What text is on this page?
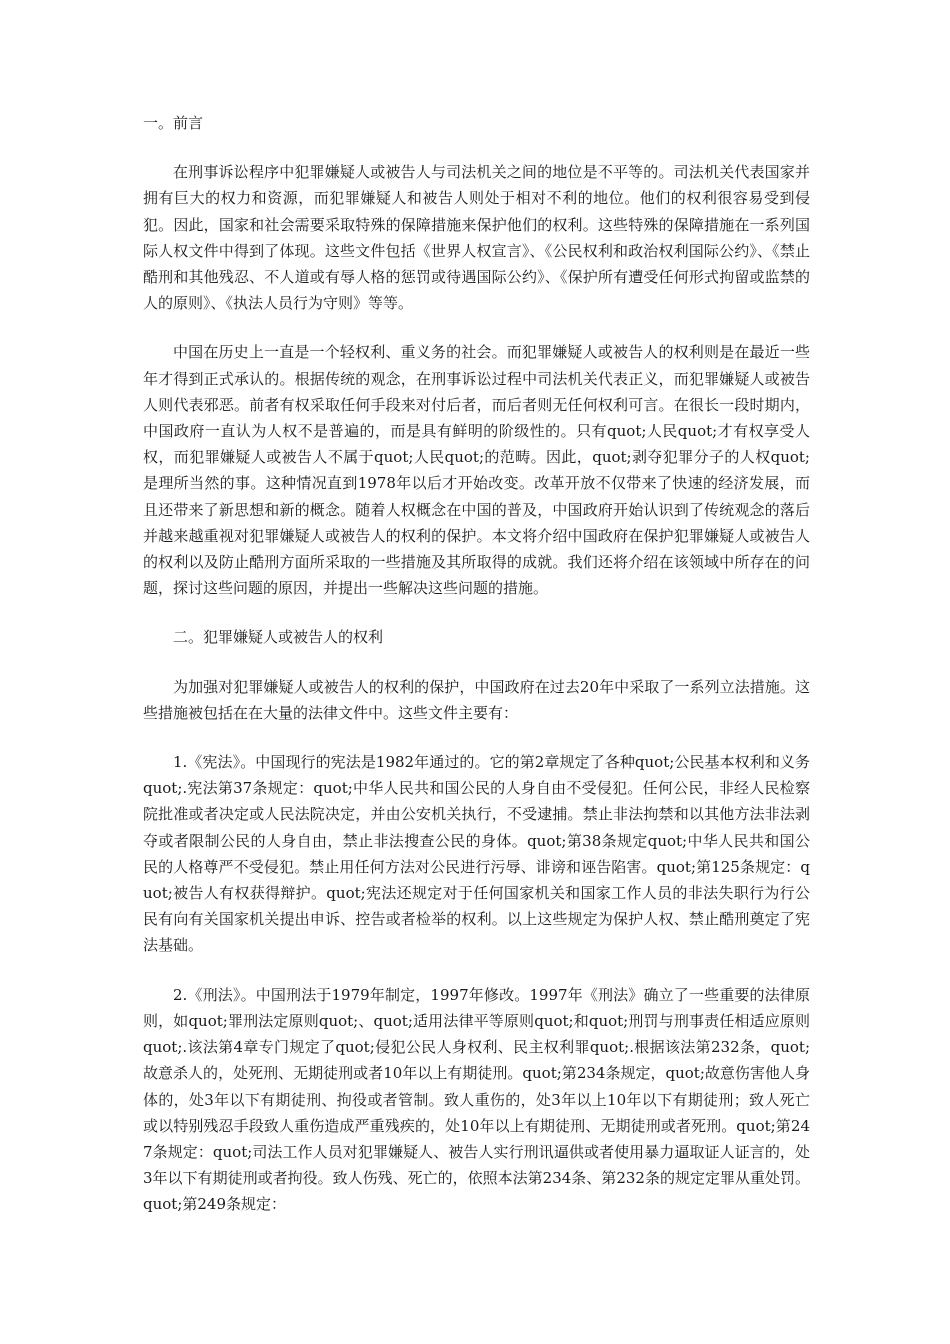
一。前言

在刑事诉讼程序中犯罪嫌疑人或被告人与司法机关之间的地位是不平等的。司法机关代表国家并拥有巨大的权力和资源，而犯罪嫌疑人和被告人则处于相对不利的地位。他们的权利很容易受到侵犯。因此，国家和社会需要采取特殊的保障措施来保护他们的权利。这些特殊的保障措施在一系列国际人权文件中得到了体现。这些文件包括《世界人权宣言》、《公民权利和政治权利国际公约》、《禁止酷刑和其他残忍、不人道或有辱人格的惩罚或待遇国际公约》、《保护所有遭受任何形式拘留或监禁的人的原则》、《执法人员行为守则》等等。

中国在历史上一直是一个轻权利、重义务的社会。而犯罪嫌疑人或被告人的权利则是在最近一些年才得到正式承认的。根据传统的观念，在刑事诉讼过程中司法机关代表正义，而犯罪嫌疑人或被告人则代表邪恶。前者有权采取任何手段来对付后者，而后者则无任何权利可言。在很长一段时期内，中国政府一直认为人权不是普遍的，而是具有鲜明的阶级性的。只有quot;人民quot;才有权享受人权，而犯罪嫌疑人或被告人不属于quot;人民quot;的范畴。因此，quot;剥夺犯罪分子的人权quot;是理所当然的事。这种情况直到1978年以后才开始改变。改革开放不仅带来了快速的经济发展，而且还带来了新思想和新的概念。随着人权概念在中国的普及，中国政府开始认识到了传统观念的落后并越来越重视对犯罪嫌疑人或被告人的权利的保护。本文将介绍中国政府在保护犯罪嫌疑人或被告人的权利以及防止酷刑方面所采取的一些措施及其所取得的成就。我们还将介绍在该领域中所存在的问题，探讨这些问题的原因，并提出一些解决这些问题的措施。

二。犯罪嫌疑人或被告人的权利

为加强对犯罪嫌疑人或被告人的权利的保护，中国政府在过去20年中采取了一系列立法措施。这些措施被包括在在大量的法律文件中。这些文件主要有：

1.《宪法》。中国现行的宪法是1982年通过的。它的第2章规定了各种quot;公民基本权利和义务quot;.宪法第37条规定：quot;中华人民共和国公民的人身自由不受侵犯。任何公民，非经人民检察院批准或者决定或人民法院决定，并由公安机关执行，不受逮捕。禁止非法拘禁和以其他方法非法剥夺或者限制公民的人身自由，禁止非法搜查公民的身体。quot;第38条规定quot;中华人民共和国公民的人格尊严不受侵犯。禁止用任何方法对公民进行污辱、诽谤和诬告陷害。quot;第125条规定：quot;被告人有权获得辩护。quot;宪法还规定对于任何国家机关和国家工作人员的非法失职行为行公民有向有关国家机关提出申诉、控告或者检举的权利。以上这些规定为保护人权、禁止酷刑奠定了宪法基础。

2.《刑法》。中国刑法于1979年制定，1997年修改。1997年《刑法》确立了一些重要的法律原则，如quot;罪刑法定原则quot;、quot;适用法律平等原则quot;和quot;刑罚与刑事责任相适应原则quot;.该法第4章专门规定了quot;侵犯公民人身权利、民主权利罪quot;.根据该法第232条，quot;故意杀人的，处死刑、无期徒刑或者10年以上有期徒刑。quot;第234条规定，quot;故意伤害他人身体的，处3年以下有期徒刑、拘役或者管制。致人重伤的，处3年以上10年以下有期徒刑；致人死亡或以特别残忍手段致人重伤造成严重残疾的，处10年以上有期徒刑、无期徒刑或者死刑。quot;第247条规定：quot;司法工作人员对犯罪嫌疑人、被告人实行刑讯逼供或者使用暴力逼取证人证言的，处3年以下有期徒刑或者拘役。致人伤残、死亡的，依照本法第234条、第232条的规定定罪从重处罚。quot;第249条规定：
